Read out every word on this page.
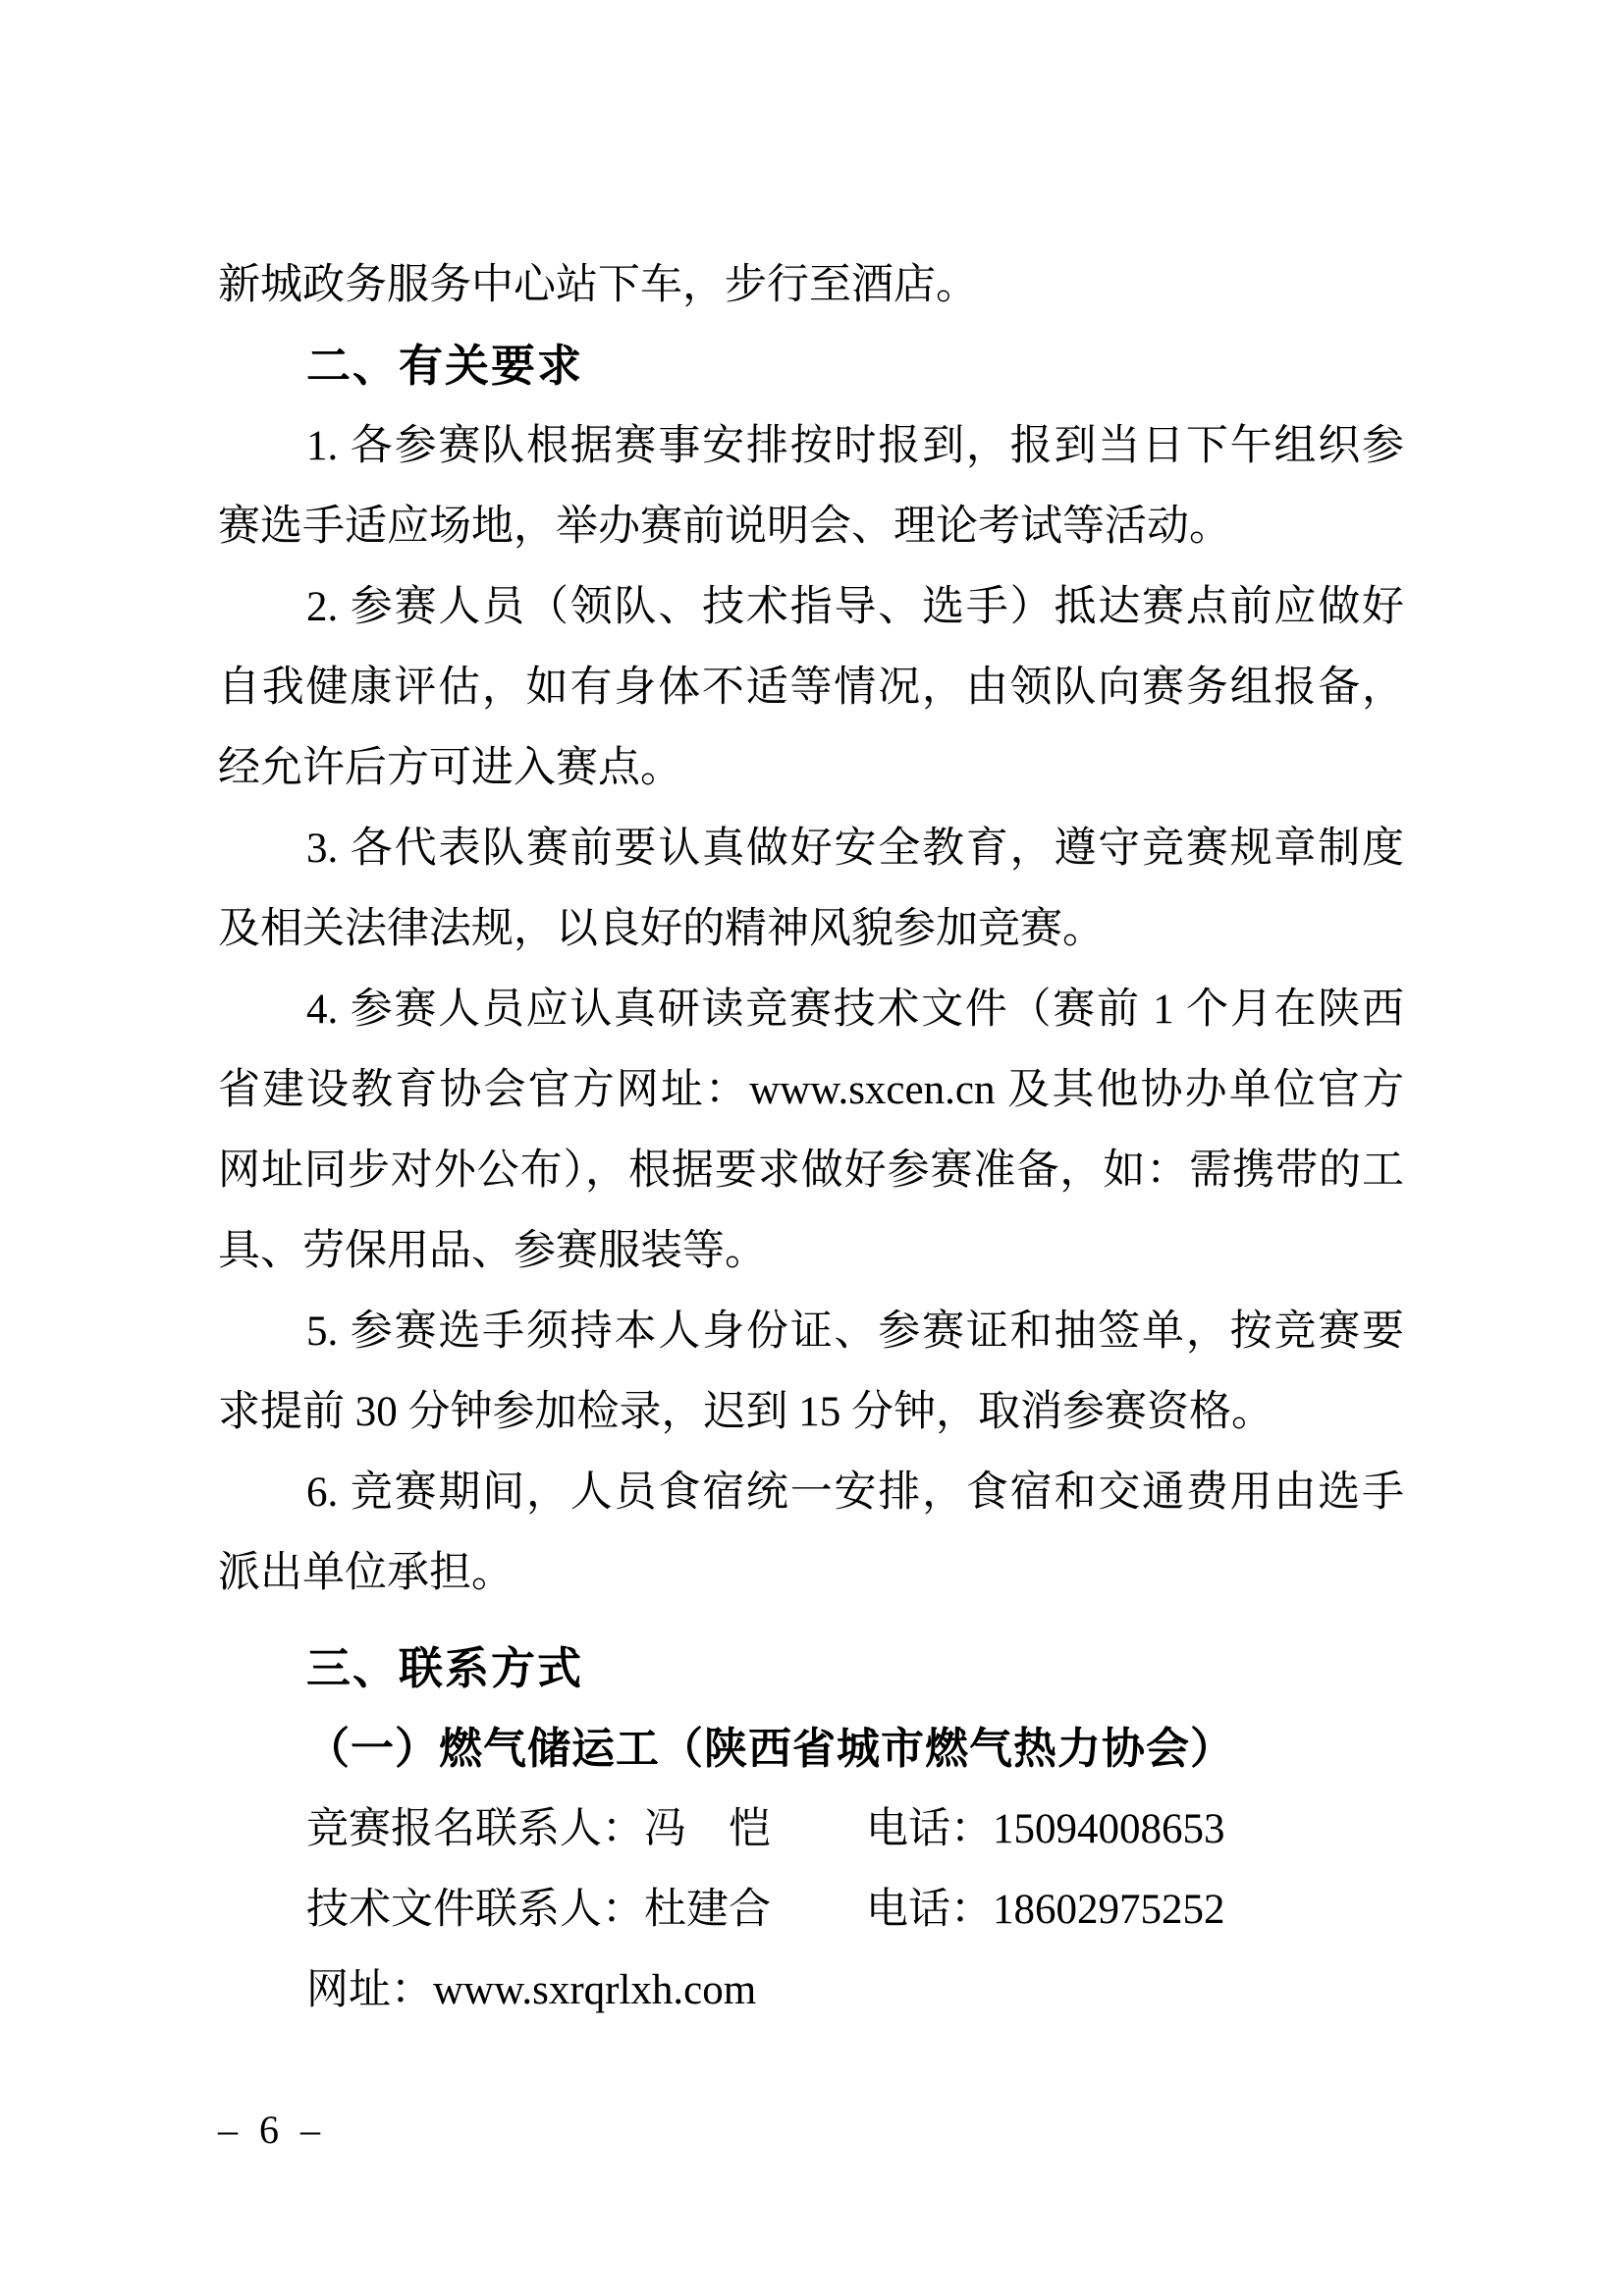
新城政务服务中心站下车，步行至酒店。
二、有关要求
1. 各参赛队根据赛事安排按时报到，报到当日下午组织参
赛选手适应场地，举办赛前说明会、理论考试等活动。
2. 参赛人员（领队、技术指导、选手）抵达赛点前应做好
自我健康评估，如有身体不适等情况，由领队向赛务组报备，
经允许后方可进入赛点。
3. 各代表队赛前要认真做好安全教育，遵守竞赛规章制度
及相关法律法规，以良好的精神风貌参加竞赛。
4. 参赛人员应认真研读竞赛技术文件（赛前 1 个月在陕西
省建设教育协会官方网址：www.sxcen.cn 及其他协办单位官方
网址同步对外公布），根据要求做好参赛准备，如：需携带的工
具、劳保用品、参赛服装等。
5. 参赛选手须持本人身份证、参赛证和抽签单，按竞赛要
求提前 30 分钟参加检录，迟到 15 分钟，取消参赛资格。
6. 竞赛期间，人员食宿统一安排，食宿和交通费用由选手
派出单位承担。
三、联系方式
（一）燃气储运工（陕西省城市燃气热力协会）
竞赛报名联系人：冯　恺 电话：15094008653
技术文件联系人：杜建合 电话：18602975252
网址：www.sxrqrlxh.com
– 6 –
